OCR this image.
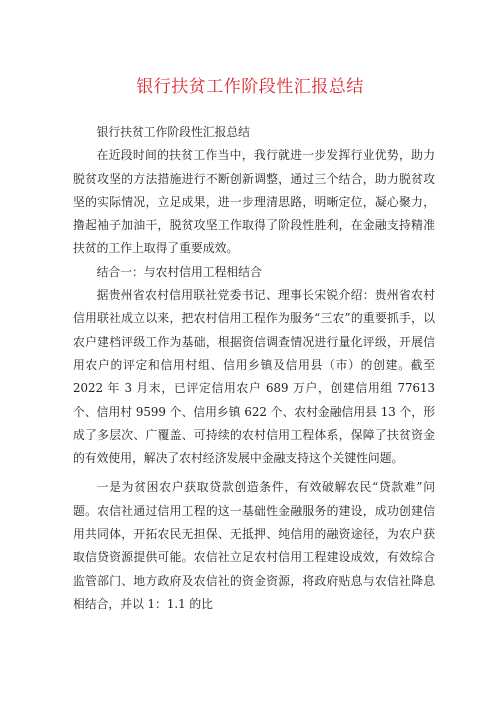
银行扶贫工作阶段性汇报总结

银行扶贫工作阶段性汇报总结

在近段时间的扶贫工作当中，我行就进一步发挥行业优势，助力脱贫攻坚的方法措施进行不断创新调整，通过三个结合，助力脱贫攻坚的实际情况，立足成果，进一步理清思路，明晰定位，凝心聚力，撸起袖子加油干，脱贫攻坚工作取得了阶段性胜利，在金融支持精准扶贫的工作上取得了重要成效。

结合一：与农村信用工程相结合

据贵州省农村信用联社党委书记、理事长宋锐介绍：贵州省农村信用联社成立以来，把农村信用工程作为服务“三农”的重要抓手，以农户建档评级工作为基础，根据资信调查情况进行量化评级，开展信用农户的评定和信用村组、信用乡镇及信用县（市）的创建。截至 2022 年 3 月末，已评定信用农户 689 万户，创建信用组 77613 个、信用村 9599 个、信用乡镇 622 个、农村金融信用县 13 个，形成了多层次、广覆盖、可持续的农村信用工程体系，保障了扶贫资金的有效使用，解决了农村经济发展中金融支持这个关键性问题。

一是为贫困农户获取贷款创造条件，有效破解农民“贷款难”问题。农信社通过信用工程的这一基础性金融服务的建设，成功创建信用共同体，开拓农民无担保、无抵押、纯信用的融资途径，为农户获取信贷资源提供可能。农信社立足农村信用工程建设成效，有效综合监管部门、地方政府及农信社的资金资源，将政府贴息与农信社降息相结合，并以 1：1.1 的比
